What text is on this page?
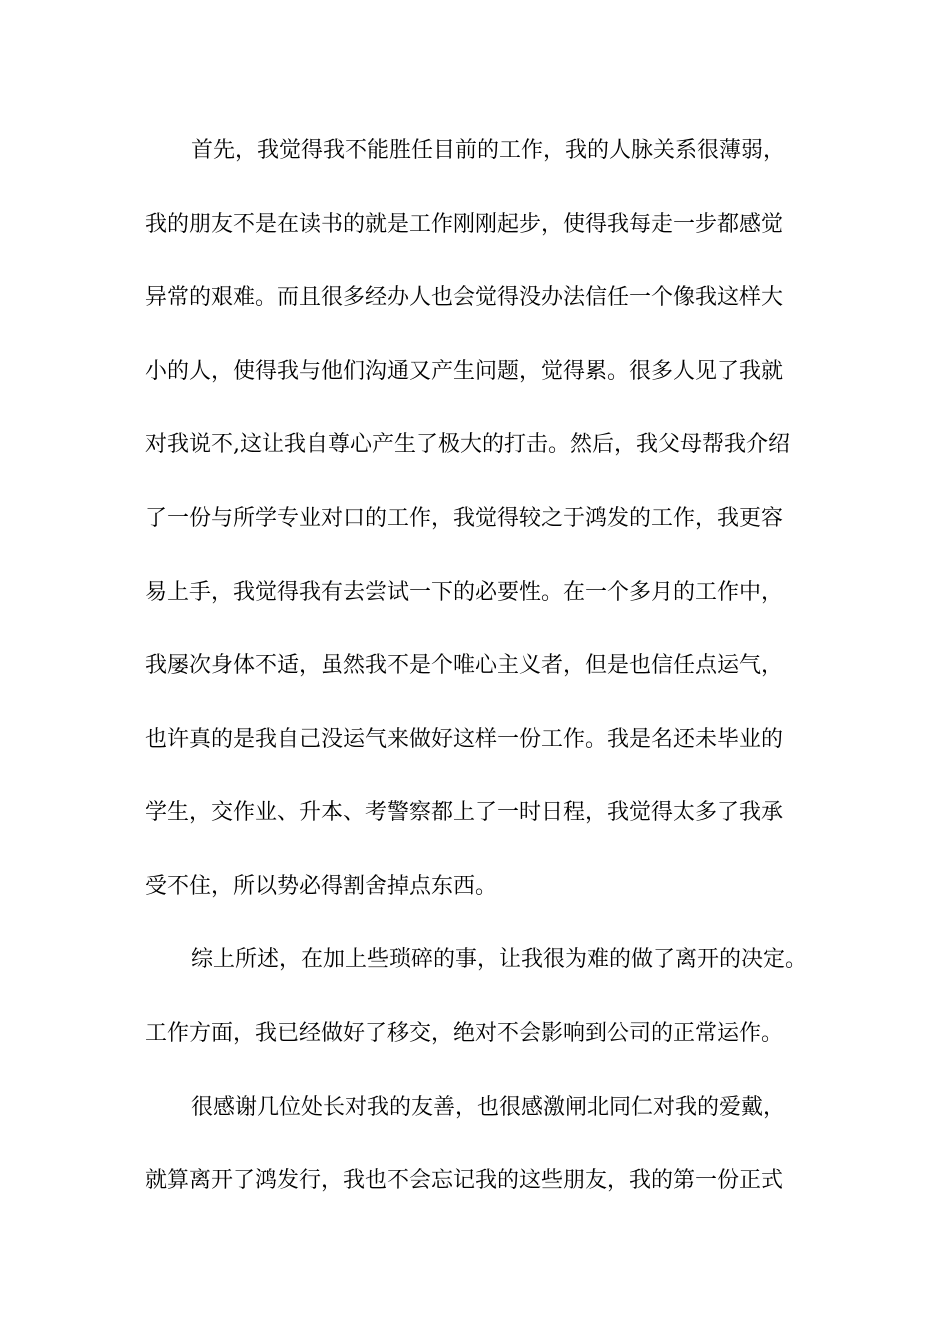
首先，我觉得我不能胜任目前的工作，我的人脉关系很薄弱，
我的朋友不是在读书的就是工作刚刚起步，使得我每走一步都感觉
异常的艰难。而且很多经办人也会觉得没办法信任一个像我这样大
小的人，使得我与他们沟通又产生问题，觉得累。很多人见了我就
对我说不,这让我自尊心产生了极大的打击。然后，我父母帮我介绍
了一份与所学专业对口的工作，我觉得较之于鸿发的工作，我更容
易上手，我觉得我有去尝试一下的必要性。在一个多月的工作中，
我屡次身体不适，虽然我不是个唯心主义者，但是也信任点运气，
也许真的是我自己没运气来做好这样一份工作。我是名还未毕业的
学生，交作业、升本、考警察都上了一时日程，我觉得太多了我承
受不住，所以势必得割舍掉点东西。
综上所述，在加上些琐碎的事，让我很为难的做了离开的决定。
工作方面，我已经做好了移交，绝对不会影响到公司的正常运作。
很感谢几位处长对我的友善，也很感激闸北同仁对我的爱戴，
就算离开了鸿发行，我也不会忘记我的这些朋友，我的第一份正式
